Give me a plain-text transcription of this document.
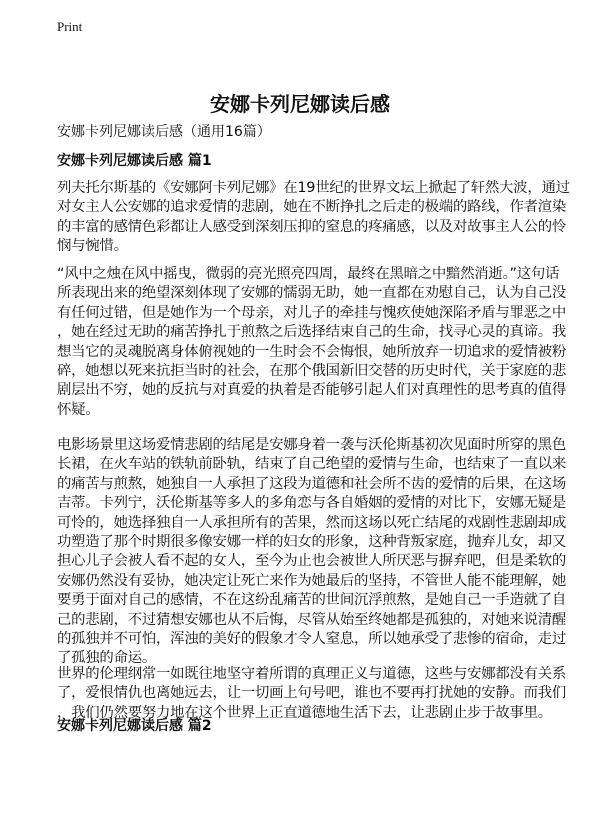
Print
安娜卡列尼娜读后感
安娜卡列尼娜读后感（通用16篇）
安娜卡列尼娜读后感 篇1
列夫托尔斯基的《安娜阿卡列尼娜》在19世纪的世界文坛上掀起了轩然大波，通过
对女主人公安娜的追求爱情的悲剧，她在不断挣扎之后走的极端的路线，作者渲染
的丰富的感情色彩都让人感受到深刻压抑的窒息的疼痛感，以及对故事主人公的怜
悯与惋惜。
“风中之烛在风中摇曳，微弱的亮光照亮四周，最终在黑暗之中黯然消逝。”这句话
所表现出来的绝望深刻体现了安娜的懦弱无助，她一直都在劝慰自己，认为自己没
有任何过错，但是她作为一个母亲，对儿子的牵挂与愧疚使她深陷矛盾与罪恶之中
，她在经过无助的痛苦挣扎于煎熬之后选择结束自己的生命，找寻心灵的真谛。我
想当它的灵魂脱离身体俯视她的一生时会不会悔恨，她所放弃一切追求的爱情被粉
碎，她想以死来抗拒当时的社会，在那个俄国新旧交替的历史时代，关于家庭的悲
剧层出不穷，她的反抗与对真爱的执着是否能够引起人们对真理性的思考真的值得
怀疑。
电影场景里这场爱情悲剧的结尾是安娜身着一袭与沃伦斯基初次见面时所穿的黑色
长裙，在火车站的铁轨前卧轨，结束了自己绝望的爱情与生命，也结束了一直以来
的痛苦与煎熬，她独自一人承担了这段为道德和社会所不齿的爱情的后果，在这场
吉蒂。卡列宁，沃伦斯基等多人的多角恋与各自婚姻的爱情的对比下，安娜无疑是
可怜的，她选择独自一人承担所有的苦果，然而这场以死亡结尾的戏剧性悲剧却成
功塑造了那个时期很多像安娜一样的妇女的形象，这种背叛家庭，抛弃儿女，却又
担心儿子会被人看不起的女人，至今为止也会被世人所厌恶与摒弃吧，但是柔软的
安娜仍然没有妥协，她决定让死亡来作为她最后的坚持，不管世人能不能理解，她
要勇于面对自己的感情，不在这纷乱痛苦的世间沉浮煎熬，是她自己一手造就了自
己的悲剧，不过猜想安娜也从不后悔，尽管从始至终她都是孤独的，对她来说清醒
的孤独并不可怕，浑浊的美好的假象才令人窒息，所以她承受了悲惨的宿命，走过
了孤独的命运。
世界的伦理纲常一如既往地坚守着所谓的真理正义与道德，这些与安娜都没有关系
了，爱恨情仇也离她远去，让一切画上句号吧，谁也不要再打扰她的安静。而我们
，我们仍然要努力地在这个世界上正直道德地生活下去，让悲剧止步于故事里。
安娜卡列尼娜读后感 篇2
